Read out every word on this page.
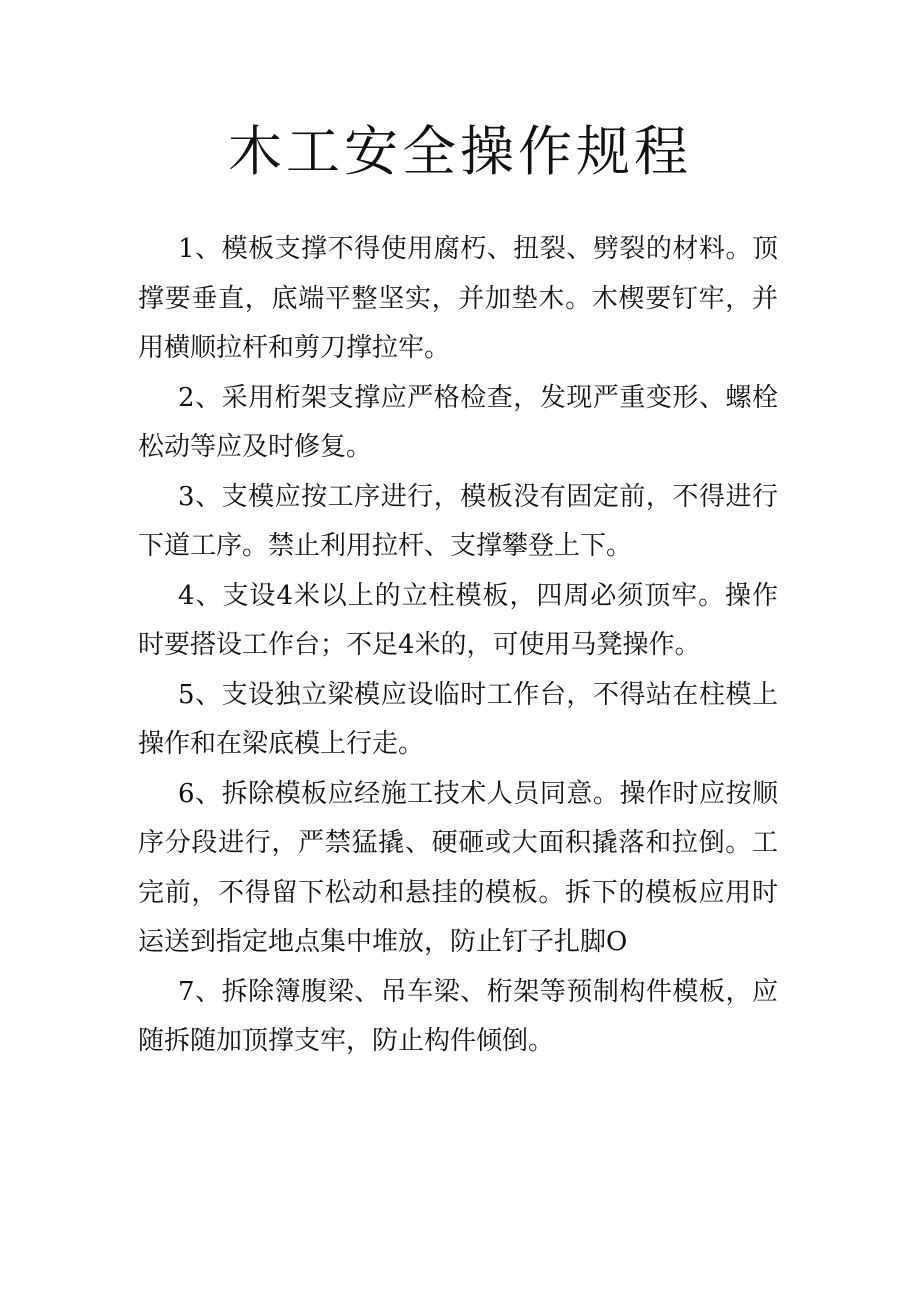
木工安全操作规程

1、模板支撑不得使用腐朽、扭裂、劈裂的材料。顶撑要垂直，底端平整坚实，并加垫木。木楔要钉牢，并用横顺拉杆和剪刀撑拉牢。

2、采用桁架支撑应严格检查，发现严重变形、螺栓松动等应及时修复。

3、支模应按工序进行，模板没有固定前，不得进行下道工序。禁止利用拉杆、支撑攀登上下。

4、支设4米以上的立柱模板，四周必须顶牢。操作时要搭设工作台；不足4米的，可使用马凳操作。

5、支设独立梁模应设临时工作台，不得站在柱模上操作和在梁底模上行走。

6、拆除模板应经施工技术人员同意。操作时应按顺序分段进行，严禁猛撬、硬砸或大面积撬落和拉倒。工完前，不得留下松动和悬挂的模板。拆下的模板应用时运送到指定地点集中堆放，防止钉子扎脚O

7、拆除簿腹梁、吊车梁、桁架等预制构件模板，应随拆随加顶撑支牢，防止构件倾倒。
